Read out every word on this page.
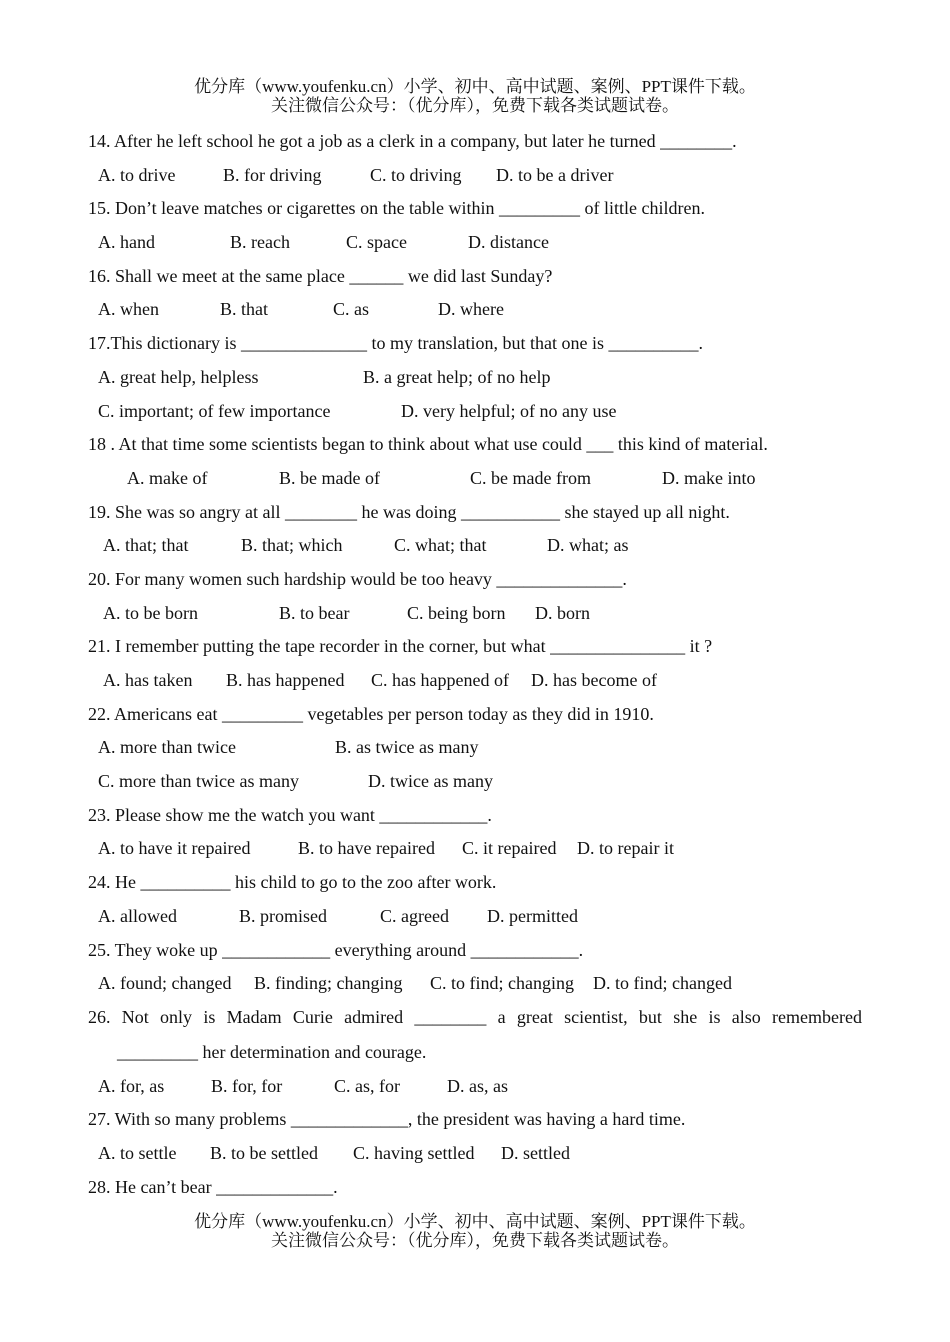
优分库（www.youfenku.cn）小学、初中、高中试题、案例、PPT课件下载。
关注微信公众号：（优分库），免费下载各类试题试卷。
14. After he left school he got a job as a clerk in a company, but later he turned ________.
A. to drive	B. for driving	C. to driving D. to be a driver
15. Don’t leave matches or cigarettes on the table within _________ of little children.
A. hand	B. reach	C. space	D. distance
16. Shall we meet at the same place ______ we did last Sunday?
A. when	B. that	C. as	D. where
17.This dictionary is ______________ to my translation, but that one is __________.
A. great help, helpless	B. a great help; of no help
C. important; of few importance	D. very helpful; of no any use
18 . At that time some scientists began to think about what use could ___ this kind of material.
A. make of	B. be made of	C. be made from	D. make into
19. She was so angry at all ________ he was doing ___________ she stayed up all night.
A. that; that	B. that; which	C. what; that	D. what; as
20. For many women such hardship would be too heavy ______________.
A. to be born	B. to bear	C. being born D. born
21. I remember putting the tape recorder in the corner, but what _______________ it ?
A. has taken B. has happened C. has happened of D. has become of
22. Americans eat _________ vegetables per person today as they did in 1910.
A. more than twice	B. as twice as many
C. more than twice as many	D. twice as many
23. Please show me the watch you want ____________.
A. to have it repaired	B. to have repaired C. it repaired D. to repair it
24. He __________ his child to go to the zoo after work.
A. allowed	B. promised	C. agreed D. permitted
25. They woke up ____________ everything around ____________.
A. found; changed B. finding; changing C. to find; changing D. to find; changed
26. Not only is Madam Curie admired ________ a great scientist, but she is also remembered
_________ her determination and courage.
A. for, as	B. for, for	C. as, for	D. as, as
27. With so many problems _____________, the president was having a hard time.
A. to settle B. to be settled C. having settled D. settled
28. He can’t bear _____________.
优分库（www.youfenku.cn）小学、初中、高中试题、案例、PPT课件下载。
关注微信公众号：（优分库），免费下载各类试题试卷。
